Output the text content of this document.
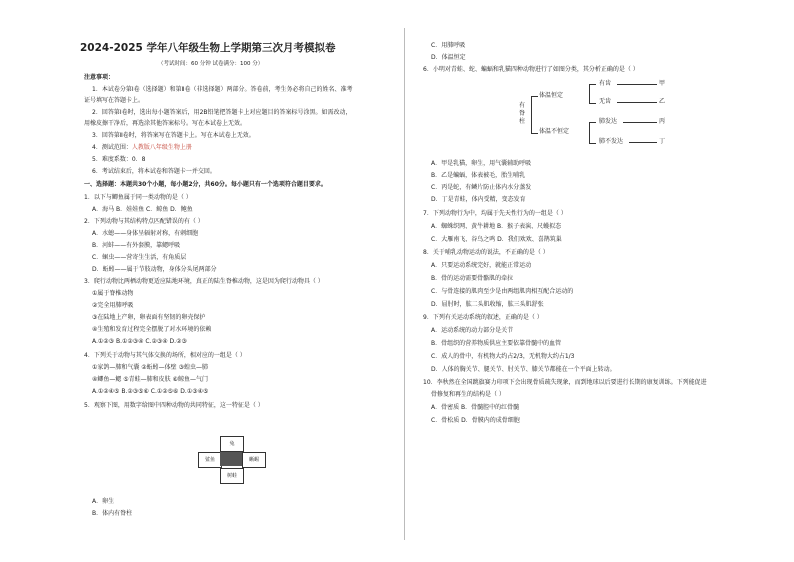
2024-2025 学年八年级生物上学期第三次月考模拟卷
（考试时间：60 分钟 试卷满分：100 分）
注意事项：
1．本试卷分第Ⅰ卷（选择题）和第Ⅱ卷（非选择题）两部分。答卷前，考生务必将自己的姓名、准考
证号填写在答题卡上。
2．回答第Ⅰ卷时，选出每小题答案后，用2B铅笔把答题卡上对应题目的答案标号涂黑。如需改动，
用橡皮擦干净后，再选涂其他答案标号。写在本试卷上无效。
3．回答第Ⅱ卷时，将答案写在答题卡上。写在本试卷上无效。
4．测试范围：人教版八年级生物上册
5．难度系数：0．8
6．考试结束后，将本试卷和答题卡一并交回。
一、选择题：本题共30个小题，每小题2分，共60分。每小题只有一个选项符合题目要求。
1．以下与鲫鱼属于同一类动物的是（ ）
A．海马 B．娃娃鱼 C．鲸鱼 D．鲍鱼
2．下列动物与其结构特点匹配错误的有（ ）
A．水螅——身体呈辐射对称，有刺细胞
B．河蚌——有外套膜，靠鳃呼吸
C．蛔虫——营寄生生活，有角质层
D．蚯蚓——属于节肢动物，身体分头尾两部分
3．爬行动物比两栖动物更适应陆地环境，真正的陆生脊椎动物，这是因为爬行动物具（ ）
①属于脊椎动物
②完全用肺呼吸
③在陆地上产卵，卵表面有坚韧的卵壳保护
④生殖和发育过程完全摆脱了对水环境的依赖
A.①②③ B.①②③④ C.②③④ D.②③
4．下列关于动物与其气体交换的场所，相对应的一组是（ ）
①家鸽—肺和气囊 ②蚯蚓—体壁 ③蝗虫—肺
④鲫鱼—鳃 ⑤青蛙—肺和皮肤 ⑥鲸鱼—气门
A.①②④⑤ B.②③⑤⑥ C.①②⑤⑥ D.①③④⑤
5．观察下图，用数字给图中四种动物的共同特征，这一特征是（ ）
兔
鲨鱼	蜥蜴
树蛙
A．卵生
B．体内有脊柱
C．用肺呼吸
D．体温恒定
6．小明对青蛙、蛇、蝙蝠和乳猫四种动物进行了如图分类，其分析正确的是（ ）
有脊柱
体温恒定
体温不恒定
有齿	甲
无齿	乙
肺发达	丙
肺不发达	丁
A．甲是乳猫，卵生，用气囊辅助呼吸
B．乙是蝙蝠，体表被毛，胎生哺乳
C．丙是蛇，有鳞片防止体内水分蒸发
D．丁是青蛙，体内受精，变态发育
7．下列动物行为中，均属于先天性行为的一组是（ ）
A．蜘蛛织网、黄牛耕地 B．猴子表演、尺蠖拟态
C．大雁南飞、谷鸟之鸣 D．我们欢欢、喜鹊筑巢
8．关于哺乳动物运动的说法，不正确的是（ ）
A．只要运动系统完好，就能正常运动
B．骨的运动需要骨骼肌的牵拉
C．与骨连接的肌肉至少是由两组肌肉相互配合运动的
D．屈肘时，肱二头肌收缩，肱三头肌舒张
9．下列有关运动系统的叙述，正确的是（ ）
A．运动系统的动力部分是关节
B．骨组织的营养物质供应主要依靠骨髓中的血管
C．成人的骨中，有机物大约占2/3，无机物大约占1/3
D．人体的胸关节、腿关节、肘关节、膝关节都能在一个平面上转动。
10．李秋然在全国跳旗赛力印项下会出现骨质疏失现象，而到地球以后要进行长期的康复训练。下列能促进
骨修复和再生的结构是（ ）
A．骨密质 B．骨髓腔中的红骨髓
C．骨松质 D．骨膜内的成骨细胞
